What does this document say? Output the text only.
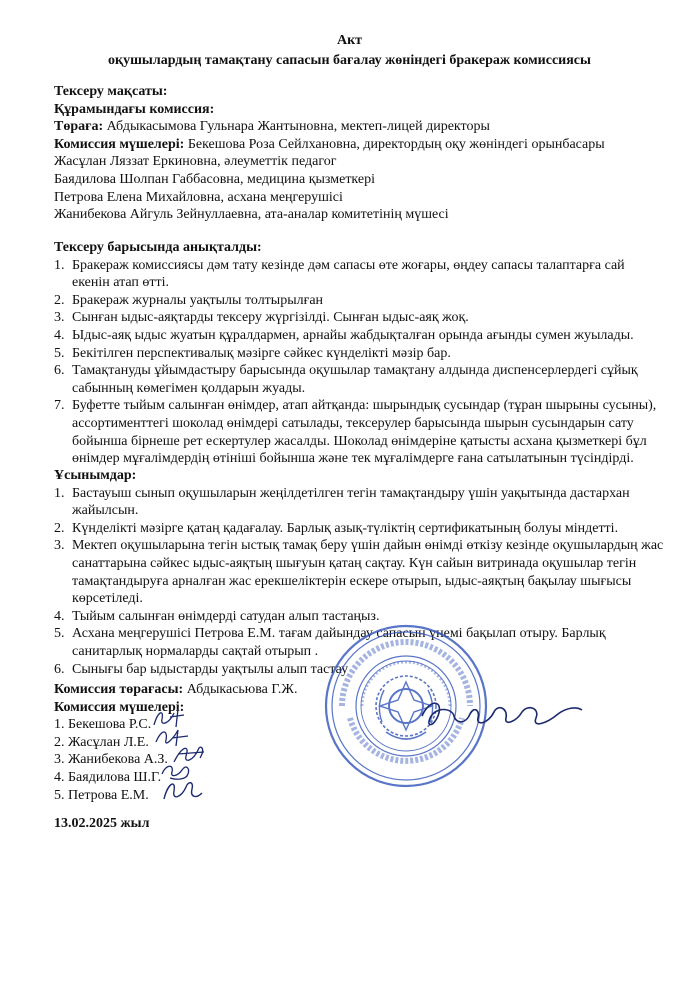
Акт
оқушылардың тамақтану сапасын бағалау жөніндегі бракераж комиссиясы
Тексеру мақсаты:
Құрамындағы комиссия:
Төраға: Абдыкасымова Гульнара Жантыновна, мектеп-лицей директоры
Комиссия мүшелері: Бекешова Роза Сейлхановна, директордың оқу жөніндегі орынбасары
Жасұлан Ляззат Еркиновна, әлеуметтік педагог
Баядилова Шолпан Габбасовна, медицина қызметкері
Петрова Елена Михайловна, асхана меңгерушісі
Жанибекова Айгуль Зейнуллаевна, ата-аналар комитетінің мүшесі
Тексеру барысында анықталды:
1. Бракераж комиссиясы дәм тату кезінде дәм сапасы өте жоғары, өңдеу сапасы талаптарға сай
екенін атап өтті.
2. Бракераж журналы уақтылы толтырылған
3. Сынған ыдыс-аяқтарды тексеру жүргізілді. Сынған ыдыс-аяқ жоқ.
4. Ыдыс-аяқ ыдыс жуатын құралдармен, арнайы жабдықталған орында ағынды сумен жуылады.
5. Бекітілген перспективалық мәзірге сәйкес күнделікті мәзір бар.
6. Тамақтануды ұйымдастыру барысында оқушылар тамақтану алдында диспенсерлердегі сұйық
сабынның көмегімен қолдарын жуады.
7. Буфетте тыйым салынған өнімдер, атап айтқанда: шырындық сусындар (тұран шырыны сусыны),
ассортименттегі шоколад өнімдері сатылады, тексерулер барысында шырын сусындарын сату
бойынша бірнеше рет ескертулер жасалды. Шоколад өнімдеріне қатысты асхана қызметкері бұл
өнімдер мұғалімдердің өтініші бойынша және тек мұғалімдерге ғана сатылатынын түсіндірді.
Ұсынымдар:
1. Бастауыш сынып оқушыларын жеңілдетілген тегін тамақтандыру үшін уақытында дастархан
жайылсын.
2. Күнделікті мәзірге қатаң қадағалау. Барлық азық-түліктің сертификатының болуы міндетті.
3. Мектеп оқушыларына тегін ыстық тамақ беру үшін дайын өнімді өткізу кезінде оқушылардың жас
санаттарына сәйкес ыдыс-аяқтың шығуын қатаң сақтау. Күн сайын витринада оқушылар тегін
тамақтандыруға арналған жас ерекшеліктерін ескере отырып, ыдыс-аяқтың бақылау шығысы
көрсетіледі.
4. Тыйым салынған өнімдерді сатудан алып тастаңыз.
5. Асхана меңгерушісі Петрова Е.М. тағам дайындау сапасын үнемі бақылап отыру. Барлық
санитарлық нормаларды сақтай отырып .
6. Сынығы бар ыдыстарды уақтылы алып тастау
Комиссия төрағасы: Абдыкасьюва Г.Ж.
Комиссия мүшелері:
1. Бекешова Р.С.
2. Жасұлан Л.Е.
3. Жанибекова А.З.
4. Баядилова Ш.Г.
5. Петрова Е.М.
13.02.2025 жыл
